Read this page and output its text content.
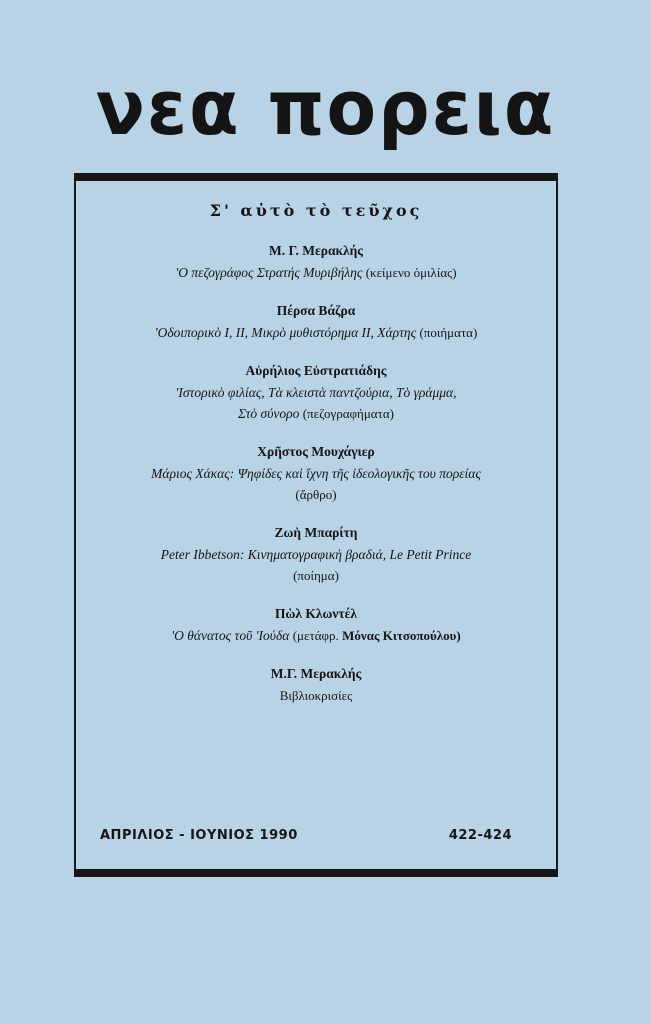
νεα πορεια
Σ' αὐτὸ τὸ τεῦχος
Μ. Γ. Μερακλής
'Ο πεζογράφος Στρατής Μυριβήλης (κείμενο ὁμιλίας)
Πέρσα Βάζρα
'Οδοιπορικὸ Ι, ΙΙ, Μικρὸ μυθιστόρημα ΙΙ, Χάρτης (ποιήματα)
Αὐρήλιος Εὐστρατιάδης
'Ιστορικὸ φιλίας, Τὰ κλειστὰ παντζούρια, Τὸ γράμμα,
Στὸ σύνορο (πεζογραφήματα)
Χρῆστος Μουχάγιερ
Μάριος Χάκας: Ψηφίδες καὶ ἴχνη τῆς ἰδεολογικῆς του πορείας
(ἄρθρο)
Ζωὴ Μπαρίτη
Peter Ibbetson: Κινηματογραφικὴ βραδιά, Le Petit Prince
(ποίημα)
Πὼλ Κλωντέλ
'Ο θάνατος τοῦ 'Ιούδα (μετάφρ. Μόνας Κιτσοπούλου)
Μ.Γ. Μερακλής
Βιβλιοκρισίες
ΑΠΡΙΛΙΟΣ - ΙΟΥΝΙΟΣ 1990	422-424
